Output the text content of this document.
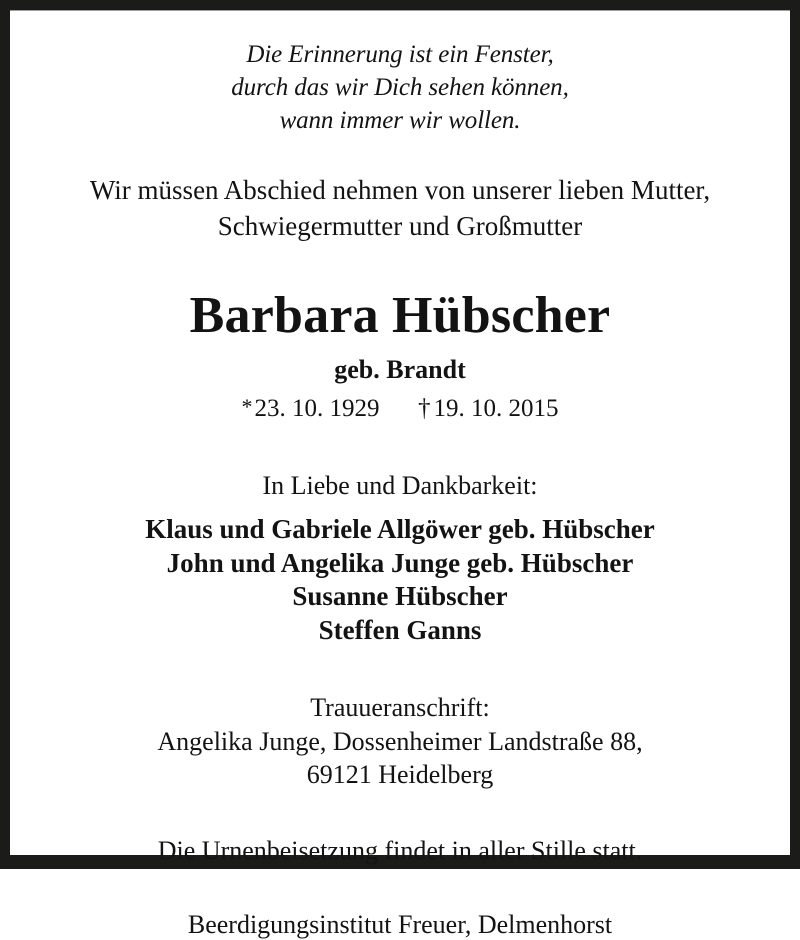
Die Erinnerung ist ein Fenster,
durch das wir Dich sehen können,
wann immer wir wollen.
Wir müssen Abschied nehmen von unserer lieben Mutter,
Schwiegermutter und Großmutter
Barbara Hübscher
geb. Brandt
*23. 10. 1929 † 19. 10. 2015
In Liebe und Dankbarkeit:
Klaus und Gabriele Allgöwer geb. Hübscher
John und Angelika Junge geb. Hübscher
Susanne Hübscher
Steffen Ganns
Trauueranschrift:
Angelika Junge, Dossenheimer Landstraße 88,
69121 Heidelberg
Die Urnenbeisetzung findet in aller Stille statt.
Beerdigungsinstitut Freuer, Delmenhorst
